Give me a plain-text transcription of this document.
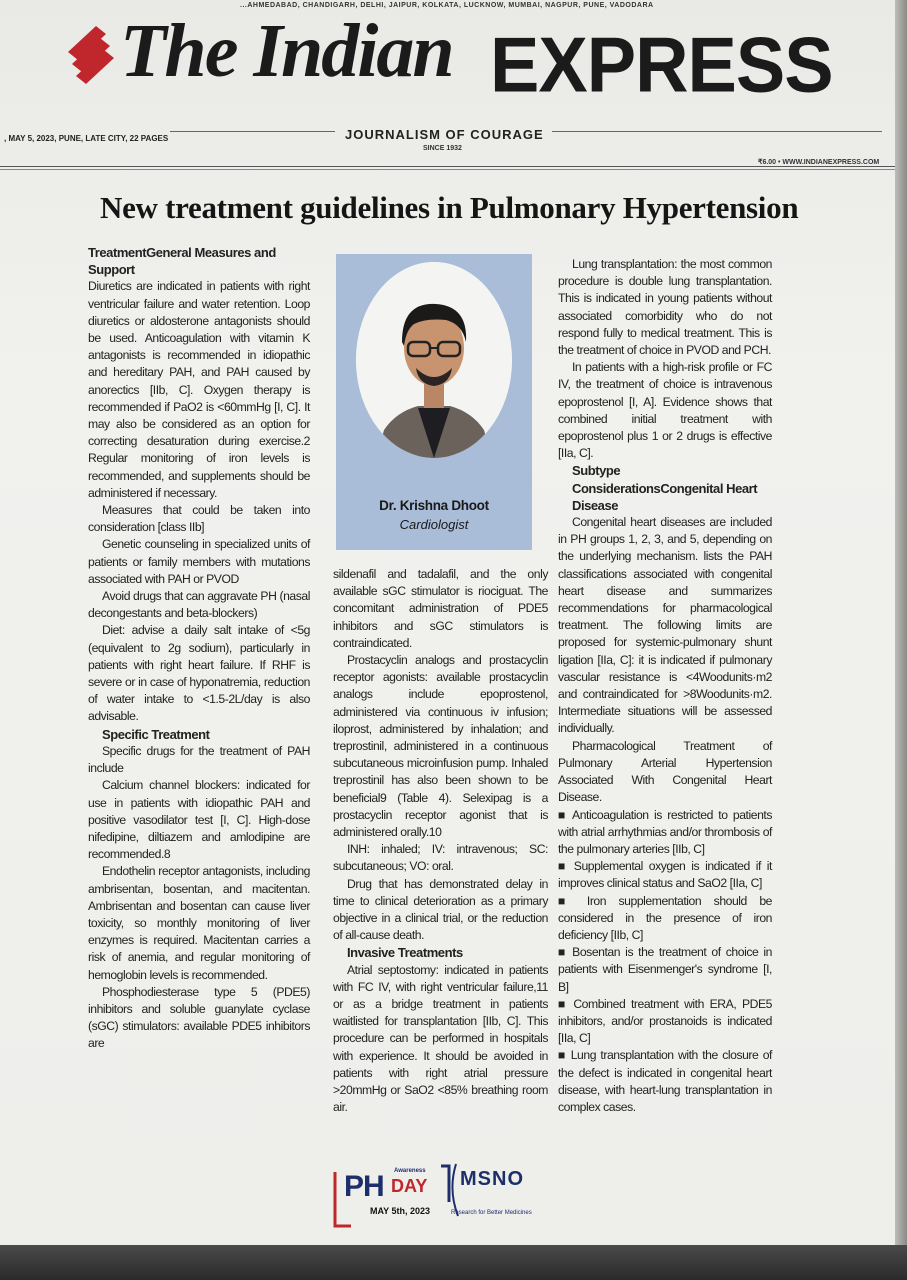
...AHMEDABAD, CHANDIGARH, DELHI, JAIPUR, KOLKATA, LUCKNOW, MUMBAI, NAGPUR, PUNE, VADODARA
The Indian EXPRESS
, MAY 5, 2023, PUNE, LATE CITY, 22 PAGES	JOURNALISM OF COURAGE
SINCE 1932
₹6.00 • WWW.INDIANEXPRESS.COM
New treatment guidelines in Pulmonary Hypertension
TreatmentGeneral Measures and Support

Diuretics are indicated in patients with right ventricular failure and water retention. Loop diuretics or aldosterone antagonists should be used. Anticoagulation with vitamin K antagonists is recommended in idiopathic and hereditary PAH, and PAH caused by anorectics [IIb, C]. Oxygen therapy is recommended if PaO2 is <60mmHg [I, C]. It may also be considered as an option for correcting desaturation during exercise.2 Regular monitoring of iron levels is recommended, and supplements should be administered if necessary.

Measures that could be taken into consideration [class IIb]

Genetic counseling in specialized units of patients or family members with mutations associated with PAH or PVOD

Avoid drugs that can aggravate PH (nasal decongestants and beta-blockers)

Diet: advise a daily salt intake of <5g (equivalent to 2g sodium), particularly in patients with right heart failure. If RHF is severe or in case of hyponatremia, reduction of water intake to <1.5-2L/day is also advisable.

Specific Treatment

Specific drugs for the treatment of PAH include

Calcium channel blockers: indicated for use in patients with idiopathic PAH and positive vasodilator test [I, C]. High-dose nifedipine, diltiazem and amlodipine are recommended.8

Endothelin receptor antagonists, including ambrisentan, bosentan, and macitentan. Ambrisentan and bosentan can cause liver toxicity, so monthly monitoring of liver enzymes is required. Macitentan carries a risk of anemia, and regular monitoring of hemoglobin levels is recommended.

Phosphodiesterase type 5 (PDE5) inhibitors and soluble guanylate cyclase (sGC) stimulators: available PDE5 inhibitors are

Dr. Krishna Dhoot
Cardiologist

sildenafil and tadalafil, and the only available sGC stimulator is riociguat. The concomitant administration of PDE5 inhibitors and sGC stimulators is contraindicated.

Prostacyclin analogs and prostacyclin receptor agonists: available prostacyclin analogs include epoprostenol, administered via continuous iv infusion; iloprost, administered by inhalation; and treprostinil, administered in a continuous subcutaneous microinfusion pump. Inhaled treprostinil has also been shown to be beneficial9 (Table 4). Selexipag is a prostacyclin receptor agonist that is administered orally.10

INH: inhaled; IV: intravenous; SC: subcutaneous; VO: oral.

Drug that has demonstrated delay in time to clinical deterioration as a primary objective in a clinical trial, or the reduction of all-cause death.

Invasive Treatments

Atrial septostomy: indicated in patients with FC IV, with right ventricular failure,11 or as a bridge treatment in patients waitlisted for transplantation [IIb, C]. This procedure can be performed in hospitals with experience. It should be avoided in patients with right atrial pressure >20mmHg or SaO2 <85% breathing room air.

Lung transplantation: the most common procedure is double lung transplantation. This is indicated in young patients without associated comorbidity who do not respond fully to medical treatment. This is the treatment of choice in PVOD and PCH.

In patients with a high-risk profile or FC IV, the treatment of choice is intravenous epoprostenol [I, A]. Evidence shows that combined initial treatment with epoprostenol plus 1 or 2 drugs is effective [IIa, C].

Subtype ConsiderationsCongenital Heart Disease

Congenital heart diseases are included in PH groups 1, 2, 3, and 5, depending on the underlying mechanism. lists the PAH classifications associated with congenital heart disease and summarizes recommendations for pharmacological treatment. The following limits are proposed for systemic-pulmonary shunt ligation [IIa, C]: it is indicated if pulmonary vascular resistance is <4Woodunits·m2 and contraindicated for >8Woodunits·m2. Intermediate situations will be assessed individually.

Pharmacological Treatment of Pulmonary Arterial Hypertension Associated With Congenital Heart Disease.

■ Anticoagulation is restricted to patients with atrial arrhythmias and/or thrombosis of the pulmonary arteries [IIb, C]

■ Supplemental oxygen is indicated if it improves clinical status and SaO2 [IIa, C]

■ Iron supplementation should be considered in the presence of iron deficiency [IIb, C]

■ Bosentan is the treatment of choice in patients with Eisenmenger's syndrome [I, B]

■ Combined treatment with ERA, PDE5 inhibitors, and/or prostanoids is indicated [IIa, C]

■ Lung transplantation with the closure of the defect is indicated in congenital heart disease, with heart-lung transplantation in complex cases.

PH Awareness
DAY
MAY 5th, 2023
MSNO
Research for Better Medicines
